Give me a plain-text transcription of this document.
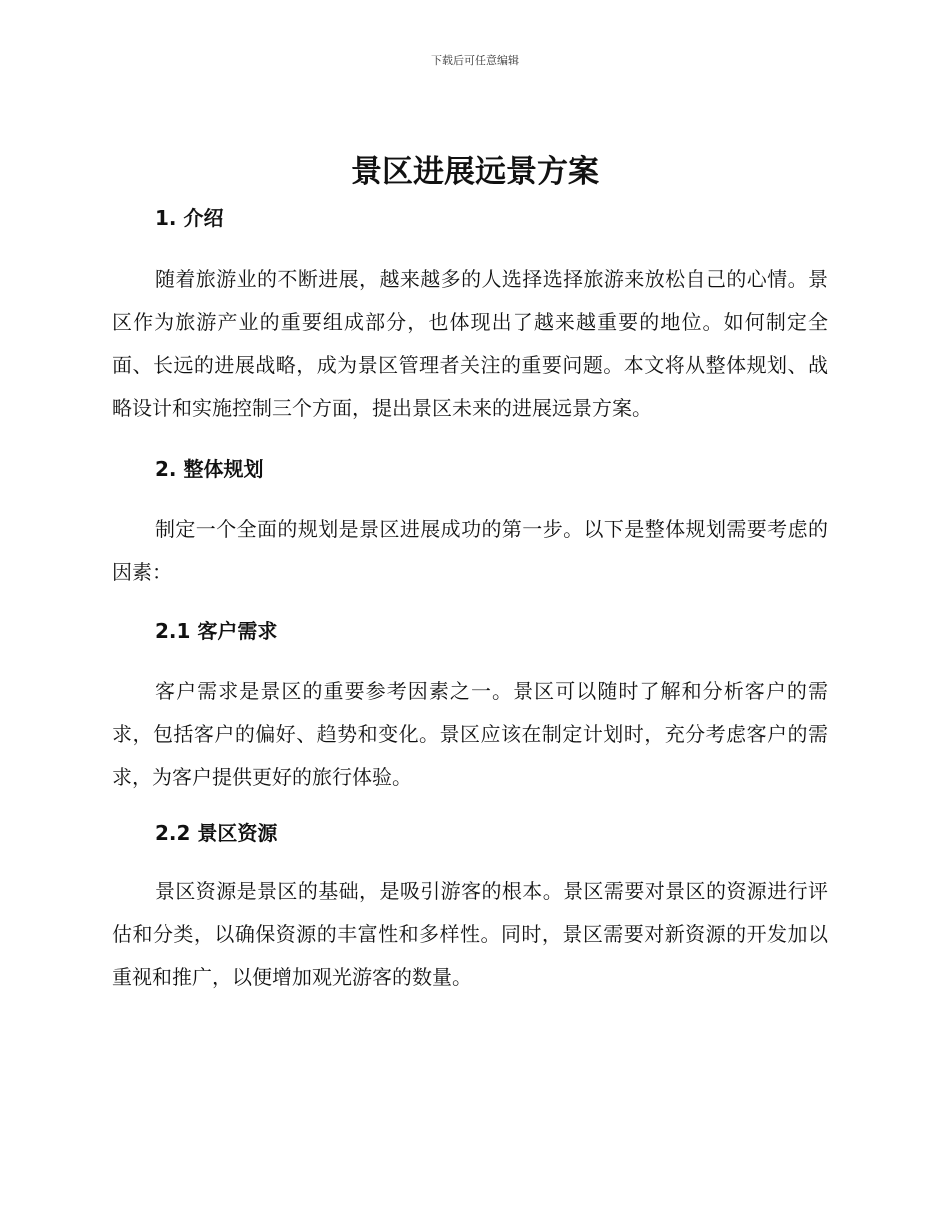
下载后可任意编辑
景区进展远景方案
1. 介绍

随着旅游业的不断进展，越来越多的人选择选择旅游来放松自己的心情。景区作为旅游产业的重要组成部分，也体现出了越来越重要的地位。如何制定全面、长远的进展战略，成为景区管理者关注的重要问题。本文将从整体规划、战略设计和实施控制三个方面，提出景区未来的进展远景方案。

2. 整体规划

制定一个全面的规划是景区进展成功的第一步。以下是整体规划需要考虑的因素：

2.1 客户需求

客户需求是景区的重要参考因素之一。景区可以随时了解和分析客户的需求，包括客户的偏好、趋势和变化。景区应该在制定计划时，充分考虑客户的需求，为客户提供更好的旅行体验。

2.2 景区资源

景区资源是景区的基础，是吸引游客的根本。景区需要对景区的资源进行评估和分类，以确保资源的丰富性和多样性。同时，景区需要对新资源的开发加以重视和推广，以便增加观光游客的数量。
